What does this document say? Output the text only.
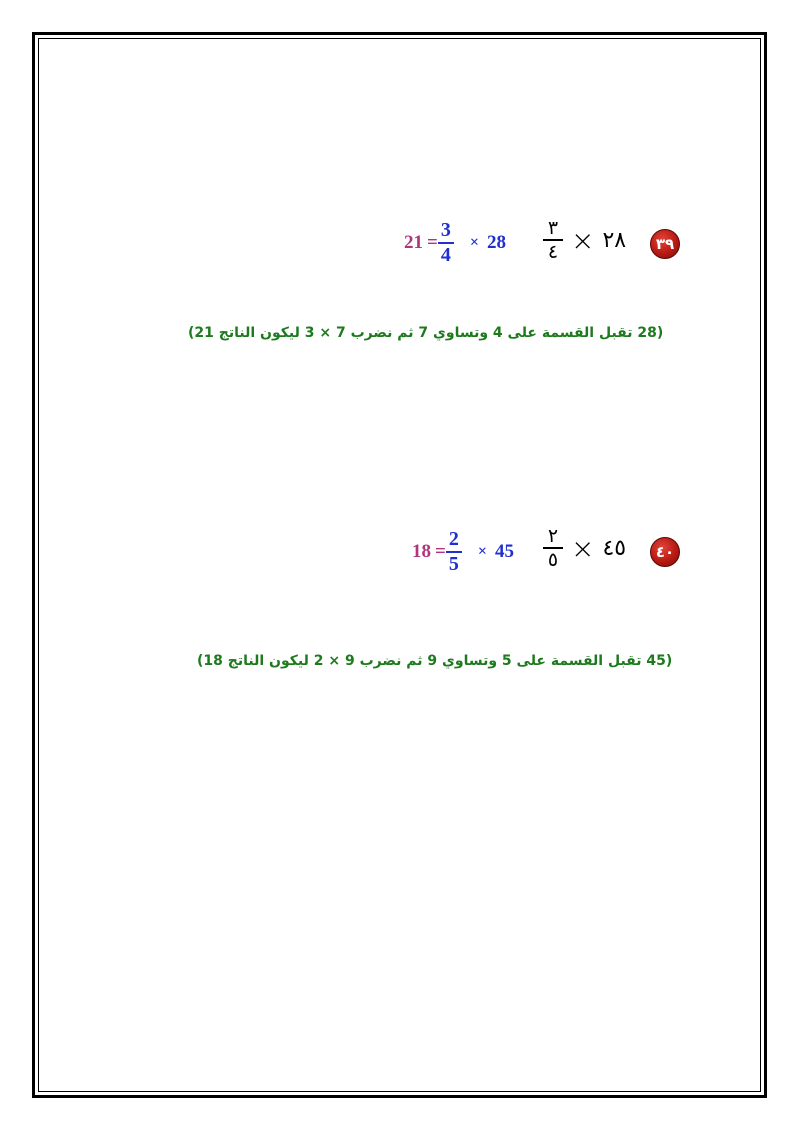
٣٩
٣
٤ × ٢٨
21 =
3
4
× 28
(28 تقبل القسمة على 4 وتساوي 7 ثم نضرب 7 × 3 ليكون الناتج 21)
٤٠
٢
٥ × ٤٥
18 =
2
5
× 45
(45 تقبل القسمة على 5 وتساوي 9 ثم نضرب 9 × 2 ليكون الناتج 18)
